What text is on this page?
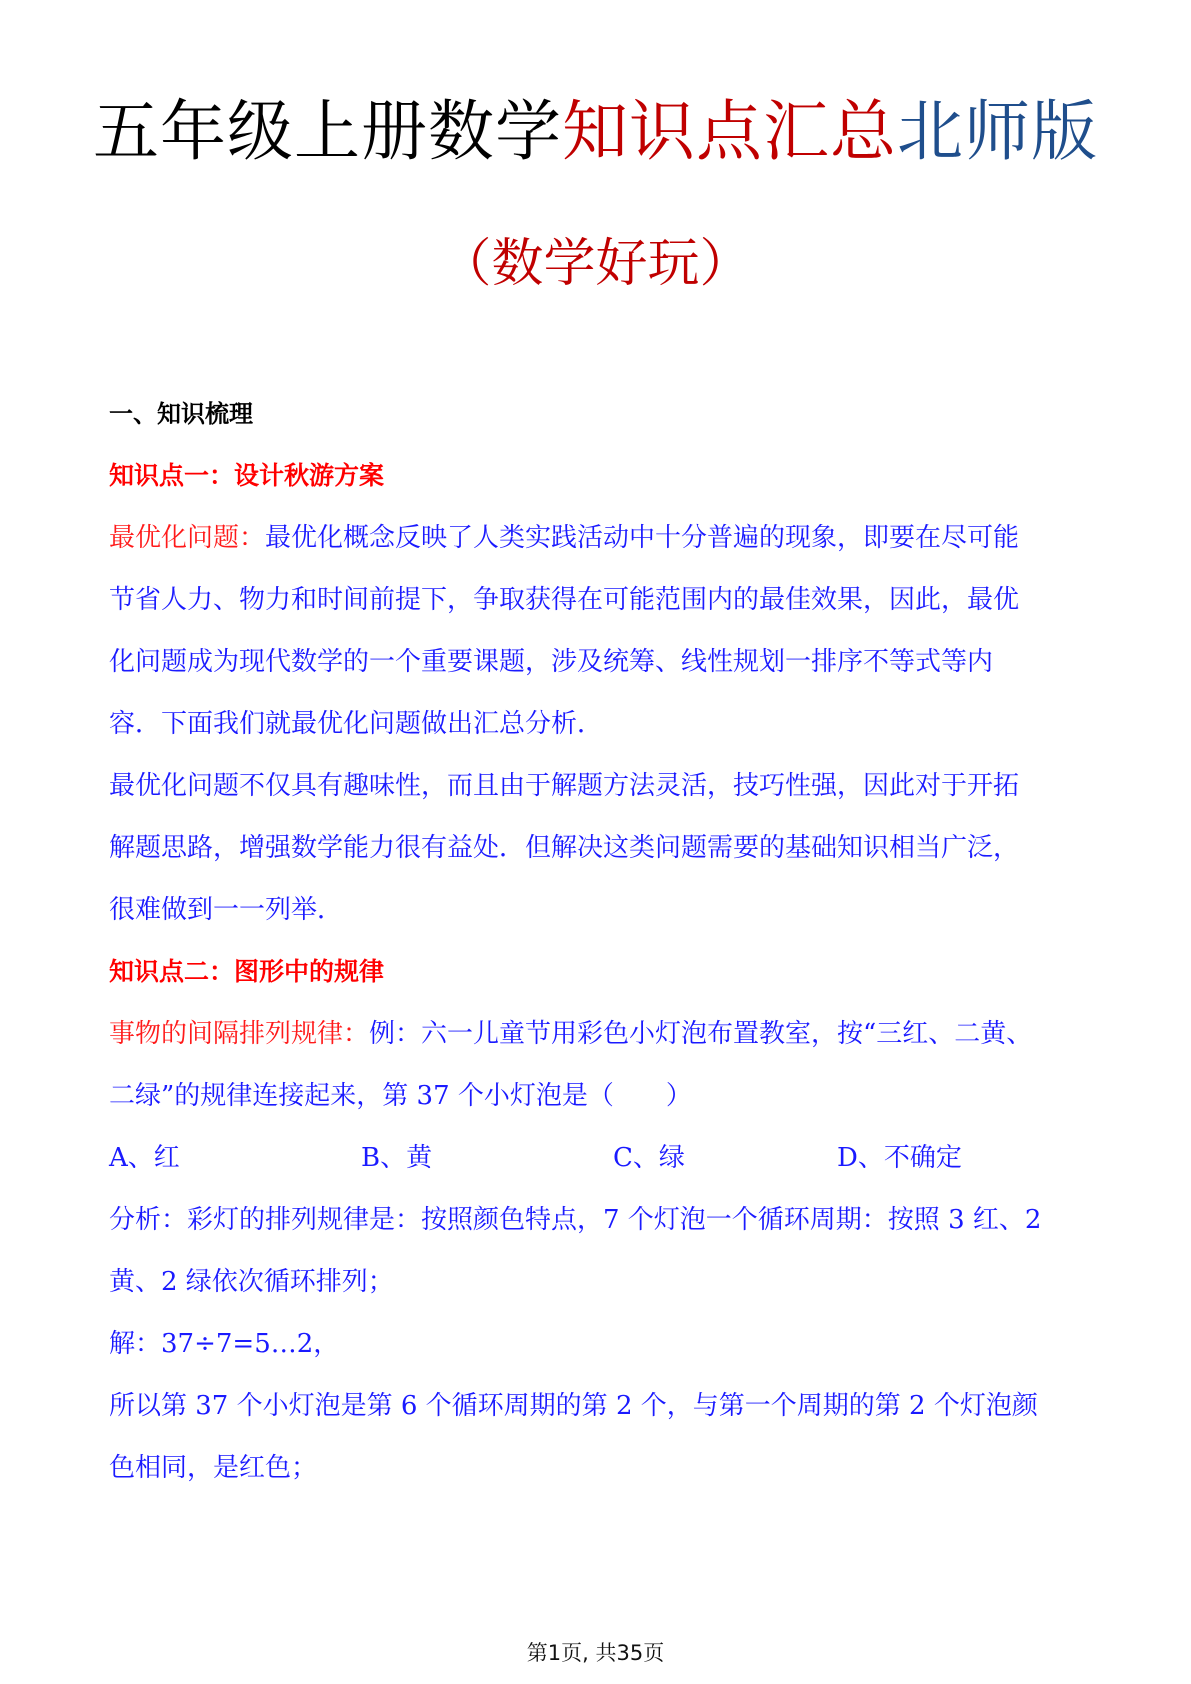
五年级上册数学知识点汇总北师版
（数学好玩）
一、知识梳理
知识点一：设计秋游方案
最优化问题：最优化概念反映了人类实践活动中十分普遍的现象，即要在尽可能
节省人力、物力和时间前提下，争取获得在可能范围内的最佳效果，因此，最优
化问题成为现代数学的一个重要课题，涉及统筹、线性规划一排序不等式等内
容．下面我们就最优化问题做出汇总分析．
最优化问题不仅具有趣味性，而且由于解题方法灵活，技巧性强，因此对于开拓
解题思路，增强数学能力很有益处．但解决这类问题需要的基础知识相当广泛，
很难做到一一列举．
知识点二：图形中的规律
事物的间隔排列规律：例：六一儿童节用彩色小灯泡布置教室，按“三红、二黄、
二绿”的规律连接起来，第 37 个小灯泡是（　　）
A、红	B、黄	C、绿	D、不确定
分析：彩灯的排列规律是：按照颜色特点，7 个灯泡一个循环周期：按照 3 红、2
黄、2 绿依次循环排列；
解：37÷7=5…2，
所以第 37 个小灯泡是第 6 个循环周期的第 2 个，与第一个周期的第 2 个灯泡颜
色相同，是红色；
第1页, 共35页
